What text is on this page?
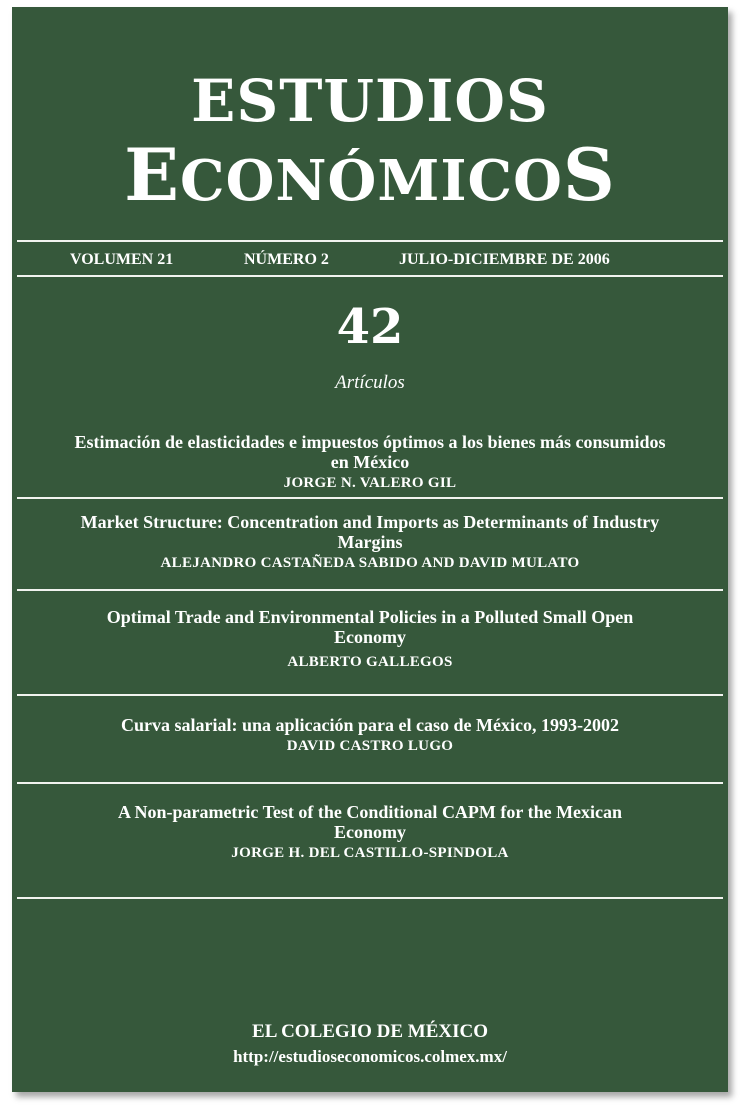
ESTUDIOS
ECONÓMICOS
VOLUMEN 21	NÚMERO 2	JULIO-DICIEMBRE DE 2006
42
Artículos
Estimación de elasticidades e impuestos óptimos a los bienes más consumidos en México
JORGE N. VALERO GIL
Market Structure: Concentration and Imports as Determinants of Industry Margins
ALEJANDRO CASTAÑEDA SABIDO AND DAVID MULATO
Optimal Trade and Environmental Policies in a Polluted Small Open Economy
ALBERTO GALLEGOS
Curva salarial: una aplicación para el caso de México, 1993-2002
DAVID CASTRO LUGO
A Non-parametric Test of the Conditional CAPM for the Mexican Economy
JORGE H. DEL CASTILLO-SPINDOLA
EL COLEGIO DE MÉXICO
http://estudioseconomicos.colmex.mx/
